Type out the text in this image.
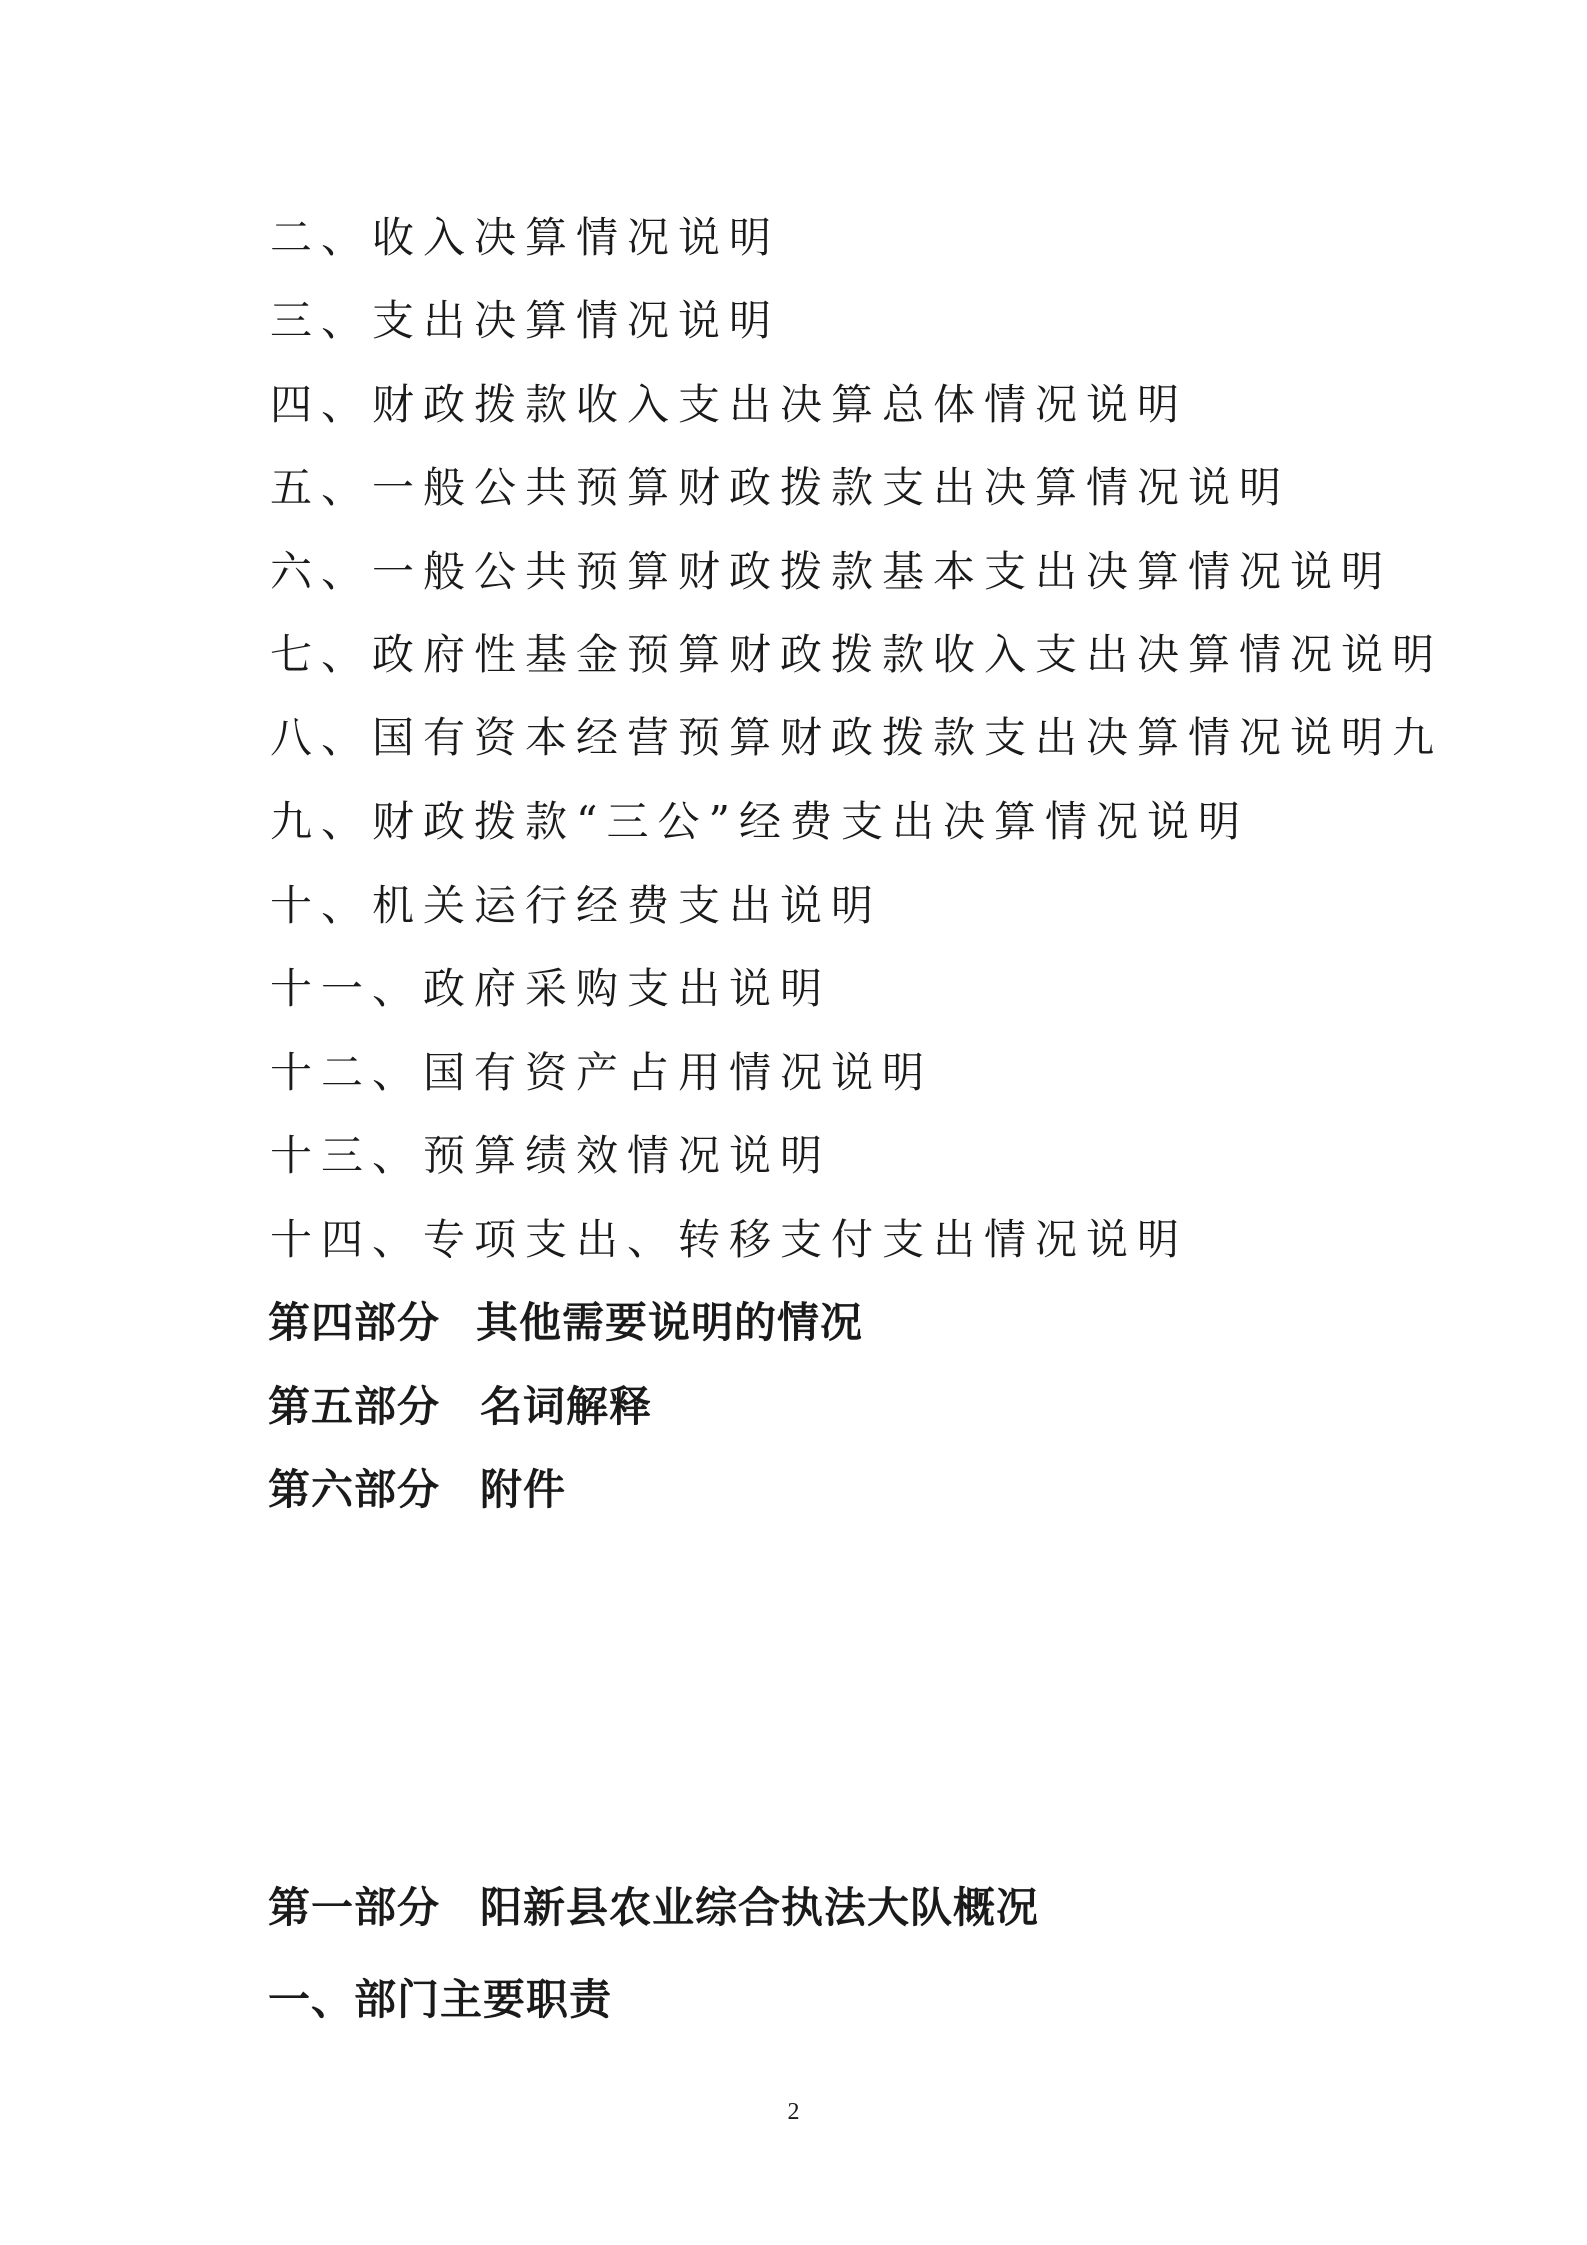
二、收入决算情况说明
三、支出决算情况说明
四、财政拨款收入支出决算总体情况说明
五、一般公共预算财政拨款支出决算情况说明
六、一般公共预算财政拨款基本支出决算情况说明
七、政府性基金预算财政拨款收入支出决算情况说明
八、国有资本经营预算财政拨款支出决算情况说明九
九、财政拨款“三公”经费支出决算情况说明
十、机关运行经费支出说明
十一、政府采购支出说明
十二、国有资产占用情况说明
十三、预算绩效情况说明
十四、专项支出、转移支付支出情况说明
第四部分 其他需要说明的情况
第五部分 名词解释
第六部分 附件
第一部分 阳新县农业综合执法大队概况
一、部门主要职责
2
